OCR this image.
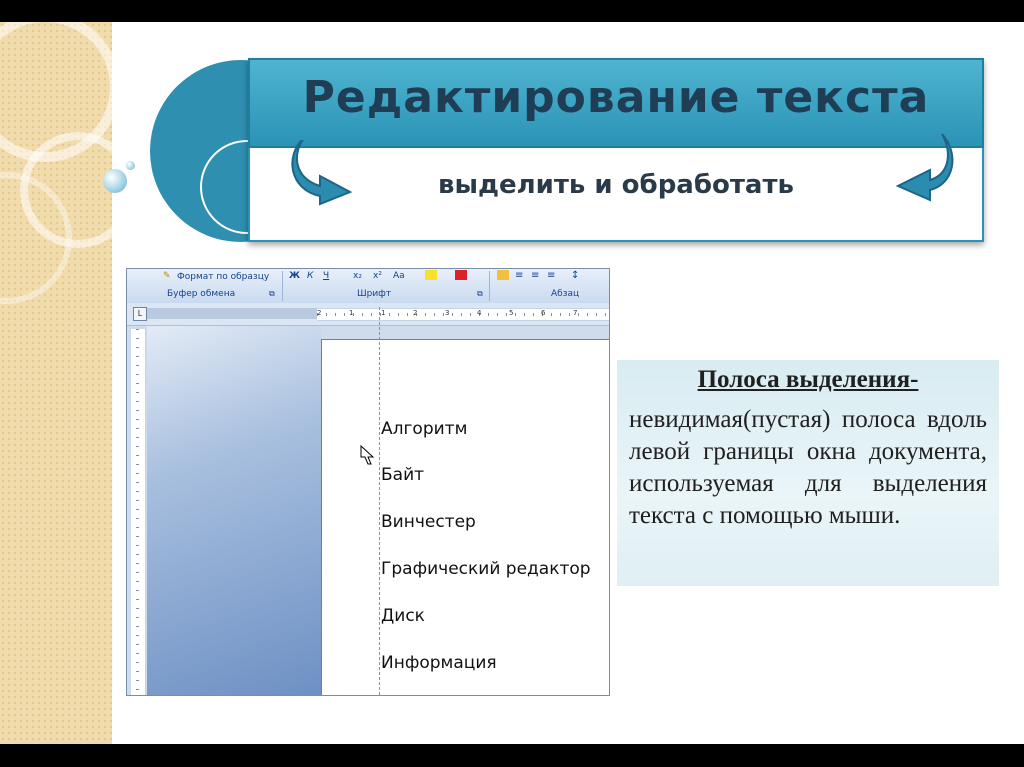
Редактирование текста
выделить и обработать
Формат по образцу
✎
Буфер обмена	⧉
Ж К Ч	x₂ x² Aa
Шрифт	⧉
≡ ≡ ≡ ↕
Абзац
L	2	1	1	2	3	4	5	6	7
Алгоритм
Байт
Винчестер
Графический редактор
Диск
Информация
Полоса выделения-
невидимая(пустая) полоса вдоль левой границы окна документа, используемая для выделения текста с помощью мыши.
